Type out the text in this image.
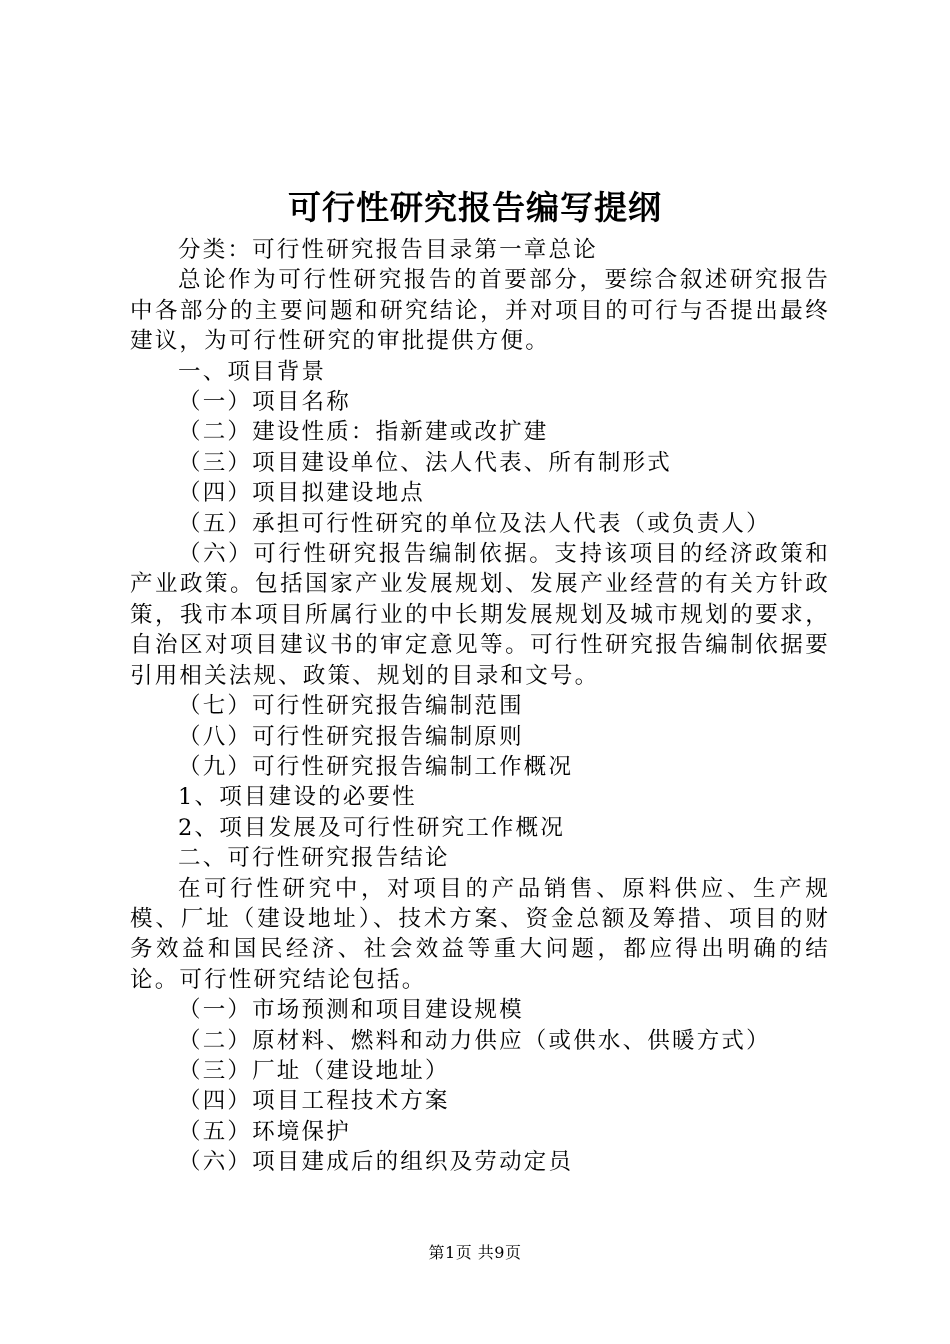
可行性研究报告编写提纲

分类：可行性研究报告目录第一章总论

总论作为可行性研究报告的首要部分，要综合叙述研究报告中各部分的主要问题和研究结论，并对项目的可行与否提出最终建议，为可行性研究的审批提供方便。

一、项目背景

（一）项目名称

（二）建设性质：指新建或改扩建

（三）项目建设单位、法人代表、所有制形式

（四）项目拟建设地点

（五）承担可行性研究的单位及法人代表（或负责人）

（六）可行性研究报告编制依据。支持该项目的经济政策和产业政策。包括国家产业发展规划、发展产业经营的有关方针政策，我市本项目所属行业的中长期发展规划及城市规划的要求，自治区对项目建议书的审定意见等。可行性研究报告编制依据要引用相关法规、政策、规划的目录和文号。

（七）可行性研究报告编制范围

（八）可行性研究报告编制原则

（九）可行性研究报告编制工作概况

1、项目建设的必要性

2、项目发展及可行性研究工作概况

二、可行性研究报告结论

在可行性研究中，对项目的产品销售、原料供应、生产规模、厂址（建设地址）、技术方案、资金总额及筹措、项目的财务效益和国民经济、社会效益等重大问题，都应得出明确的结论。可行性研究结论包括。

（一）市场预测和项目建设规模

（二）原材料、燃料和动力供应（或供水、供暖方式）

（三）厂址（建设地址）

（四）项目工程技术方案

（五）环境保护

（六）项目建成后的组织及劳动定员

第1页 共9页
